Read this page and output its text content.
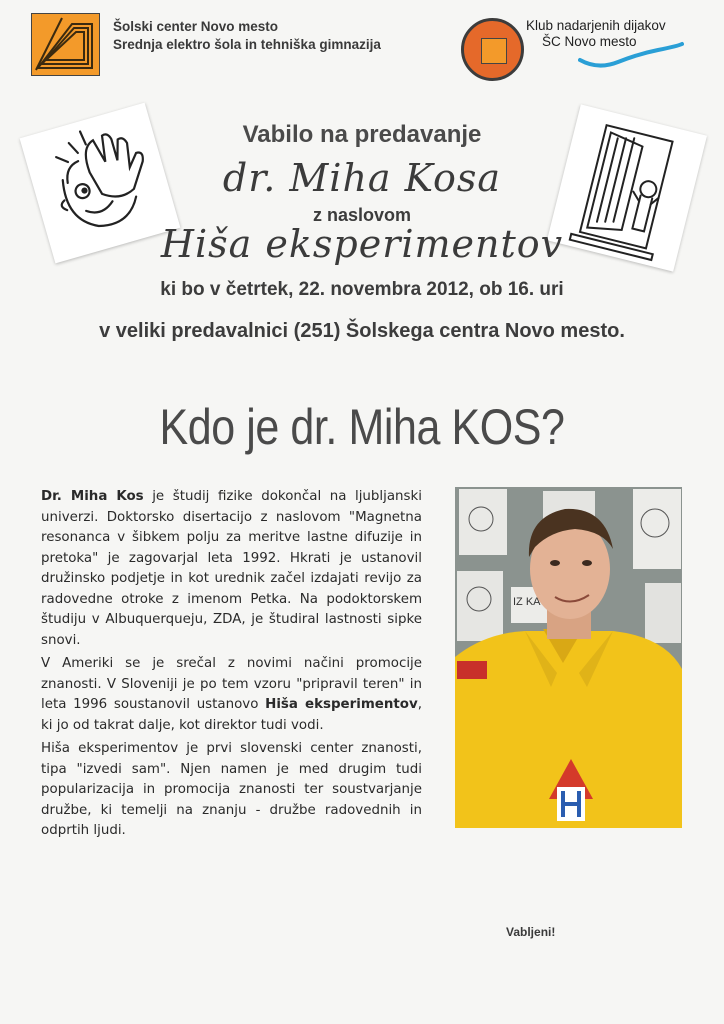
Šolski center Novo mesto
Srednja elektro šola in tehniška gimnazija
Klub nadarjenih dijakov
ŠC Novo mesto
Vabilo na predavanje
dr. Miha Kosa
z naslovom
Hiša eksperimentov
ki bo v četrtek, 22. novembra 2012, ob 16. uri
v veliki predavalnici (251) Šolskega centra Novo mesto.
Kdo je dr. Miha KOS?

Dr. Miha Kos je študij fizike dokončal na ljubljanski univerzi. Doktorsko disertacijo z naslovom "Magnetna resonanca v šibkem polju za meritve lastne difuzije in pretoka" je zagovarjal leta 1992. Hkrati je ustanovil družinsko podjetje in kot urednik začel izdajati revijo za radovedne otroke z imenom Petka. Na podoktorskem študiju v Albuquerqueju, ZDA, je študiral lastnosti sipke snovi.

V Ameriki se je srečal z novimi načini promocije znanosti. V Sloveniji je po tem vzoru "pripravil teren" in leta 1996 soustanovil ustanovo Hiša eksperimentov, ki jo od takrat dalje, kot direktor tudi vodi.

Hiša eksperimentov je prvi slovenski center znanosti, tipa "izvedi sam". Njen namen je med drugim tudi popularizacija in promocija znanosti ter soustvarjanje družbe, ki temelji na znanju - družbe radovednih in odprtih ljudi.

IZ KA
Vabljeni!
